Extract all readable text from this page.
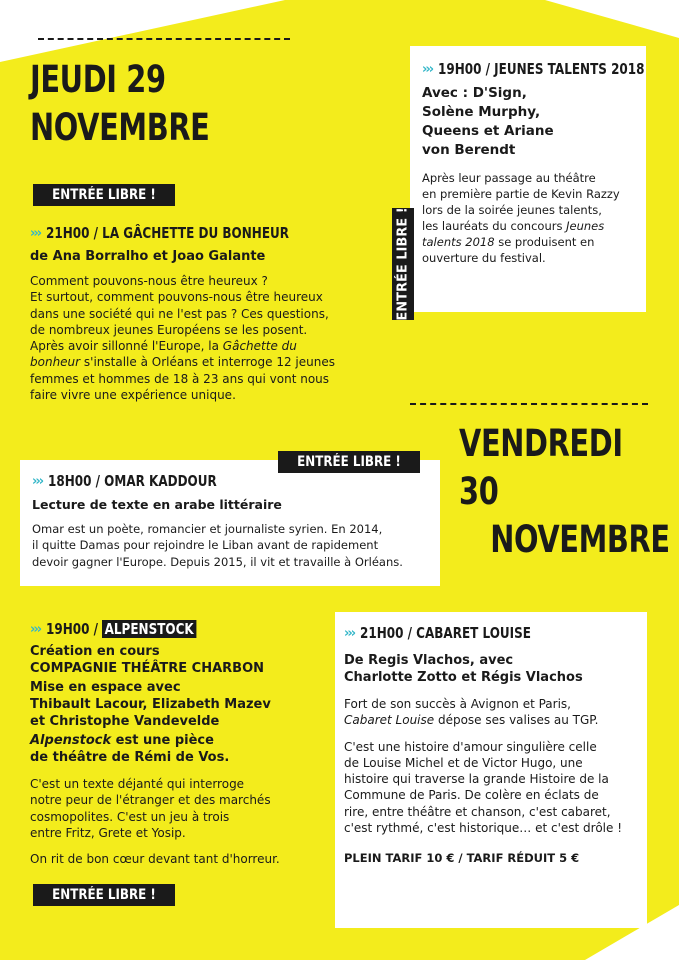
JEUDI 29
NOVEMBRE
››› 19H00 / JEUNES TALENTS 2018
Avec : D'Sign,
Solène Murphy,
Queens et Ariane
von Berendt
Après leur passage au théâtre
en première partie de Kevin Razzy
lors de la soirée jeunes talents,
les lauréats du concours Jeunes
talents 2018 se produisent en
ouverture du festival.
ENTRÉE LIBRE !
ENTRÉE LIBRE !
››› 21H00 / LA GÂCHETTE DU BONHEUR
de Ana Borralho et Joao Galante
Comment pouvons-nous être heureux ?
Et surtout, comment pouvons-nous être heureux
dans une société qui ne l'est pas ? Ces questions,
de nombreux jeunes Européens se les posent.
Après avoir sillonné l'Europe, la Gâchette du
bonheur s'installe à Orléans et interroge 12 jeunes
femmes et hommes de 18 à 23 ans qui vont nous
faire vivre une expérience unique.
VENDREDI 30
NOVEMBRE
››› 18H00 / OMAR KADDOUR
Lecture de texte en arabe littéraire
Omar est un poète, romancier et journaliste syrien. En 2014,
il quitte Damas pour rejoindre le Liban avant de rapidement
devoir gagner l'Europe. Depuis 2015, il vit et travaille à Orléans.
ENTRÉE LIBRE !
››› 19H00 / ALPENSTOCK
Création en cours
COMPAGNIE THÉÂTRE CHARBON
Mise en espace avec
Thibault Lacour, Elizabeth Mazev
et Christophe Vandevelde
Alpenstock est une pièce
de théâtre de Rémi de Vos.
C'est un texte déjanté qui interroge
notre peur de l'étranger et des marchés
cosmopolites. C'est un jeu à trois
entre Fritz, Grete et Yosip.
On rit de bon cœur devant tant d'horreur.
ENTRÉE LIBRE !
››› 21H00 / CABARET LOUISE
De Regis Vlachos, avec
Charlotte Zotto et Régis Vlachos
Fort de son succès à Avignon et Paris,
Cabaret Louise dépose ses valises au TGP.
C'est une histoire d'amour singulière celle
de Louise Michel et de Victor Hugo, une
histoire qui traverse la grande Histoire de la
Commune de Paris. De colère en éclats de
rire, entre théâtre et chanson, c'est cabaret,
c'est rythmé, c'est historique… et c'est drôle !
PLEIN TARIF 10 € / TARIF RÉDUIT 5 €
